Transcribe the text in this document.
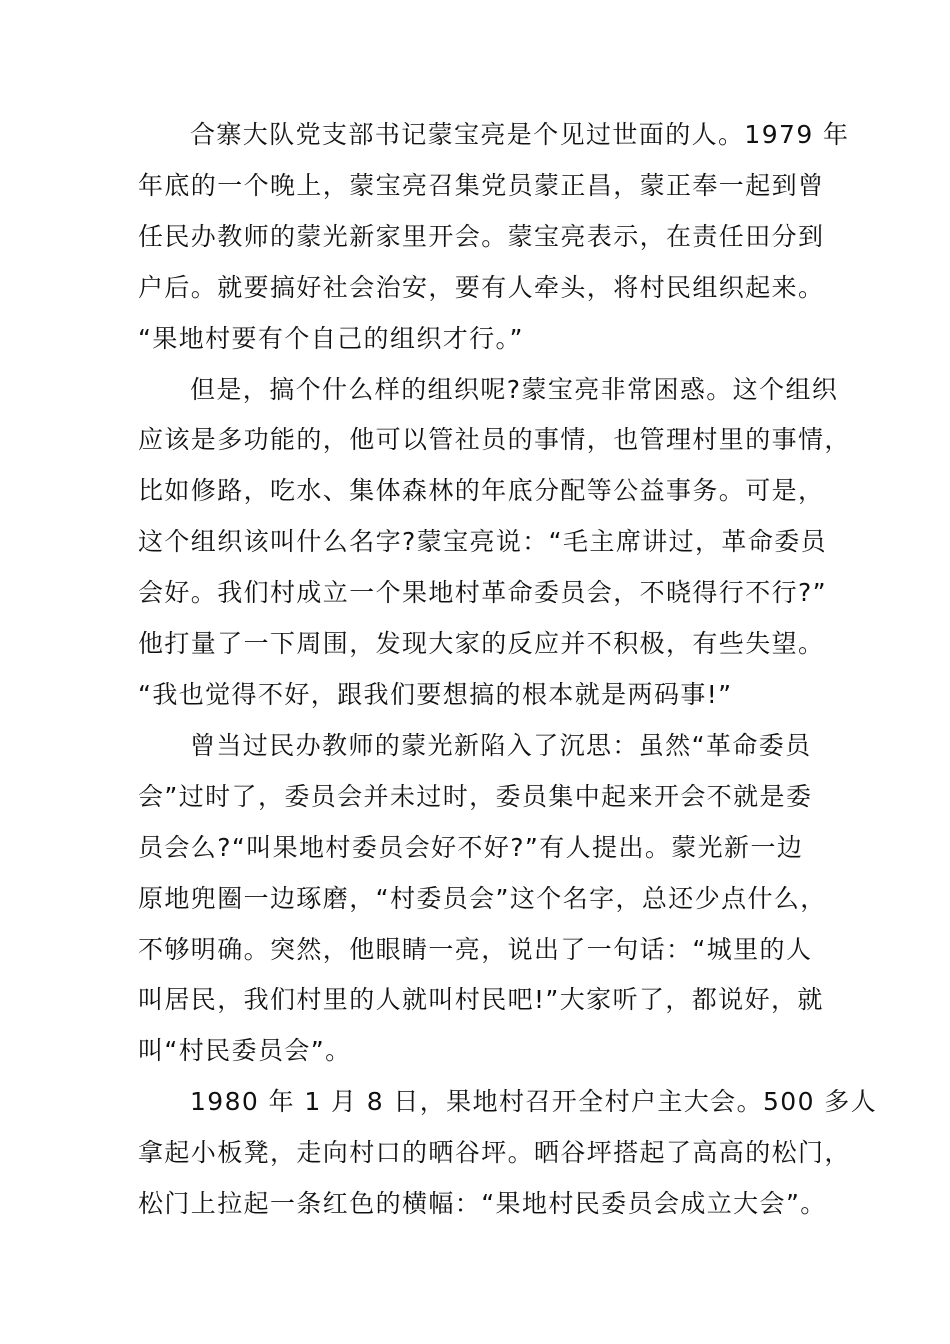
合寨大队党支部书记蒙宝亮是个见过世面的人。1979 年
年底的一个晚上，蒙宝亮召集党员蒙正昌，蒙正奉一起到曾
任民办教师的蒙光新家里开会。蒙宝亮表示，在责任田分到
户后。就要搞好社会治安，要有人牵头，将村民组织起来。
“果地村要有个自己的组织才行。”
但是，搞个什么样的组织呢?蒙宝亮非常困惑。这个组织
应该是多功能的，他可以管社员的事情，也管理村里的事情，
比如修路，吃水、集体森林的年底分配等公益事务。可是，
这个组织该叫什么名字?蒙宝亮说：“毛主席讲过，革命委员
会好。我们村成立一个果地村革命委员会，不晓得行不行?”
他打量了一下周围，发现大家的反应并不积极，有些失望。
“我也觉得不好，跟我们要想搞的根本就是两码事!”
曾当过民办教师的蒙光新陷入了沉思：虽然“革命委员
会”过时了，委员会并未过时，委员集中起来开会不就是委
员会么?“叫果地村委员会好不好?”有人提出。蒙光新一边
原地兜圈一边琢磨，“村委员会”这个名字，总还少点什么，
不够明确。突然，他眼睛一亮，说出了一句话：“城里的人
叫居民，我们村里的人就叫村民吧!”大家听了，都说好，就
叫“村民委员会”。
1980 年 1 月 8 日，果地村召开全村户主大会。500 多人
拿起小板凳，走向村口的晒谷坪。晒谷坪搭起了高高的松门，
松门上拉起一条红色的横幅：“果地村民委员会成立大会”。
